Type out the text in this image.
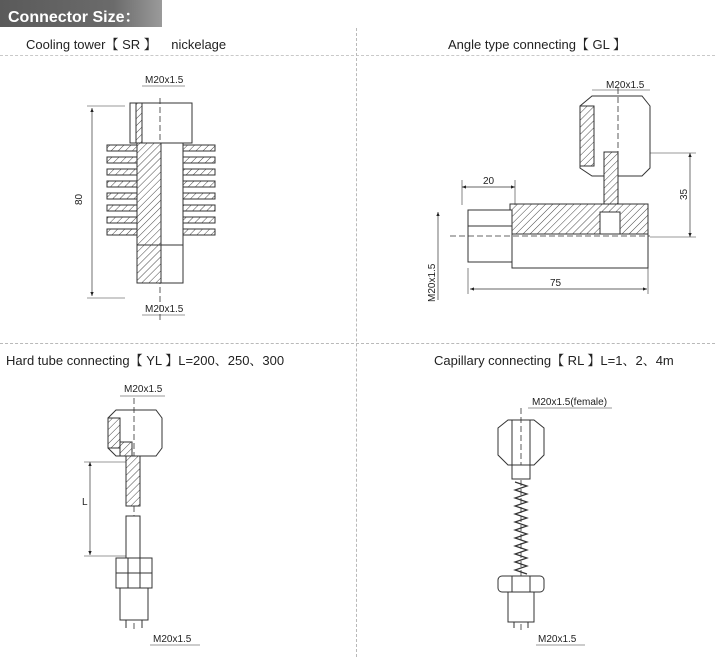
Connector Size：
Cooling tower【 SR 】    nickelage	Angle type connecting【 GL 】
Hard tube connecting【 YL 】L=200、250、300	Capillary connecting【 RL 】L=1、2、4m
M20x1.5
M20x1.5
80
M20x1.5
20
35
75
M20x1.5
M20x1.5
L
M20x1.5
M20x1.5(female)
M20x1.5
